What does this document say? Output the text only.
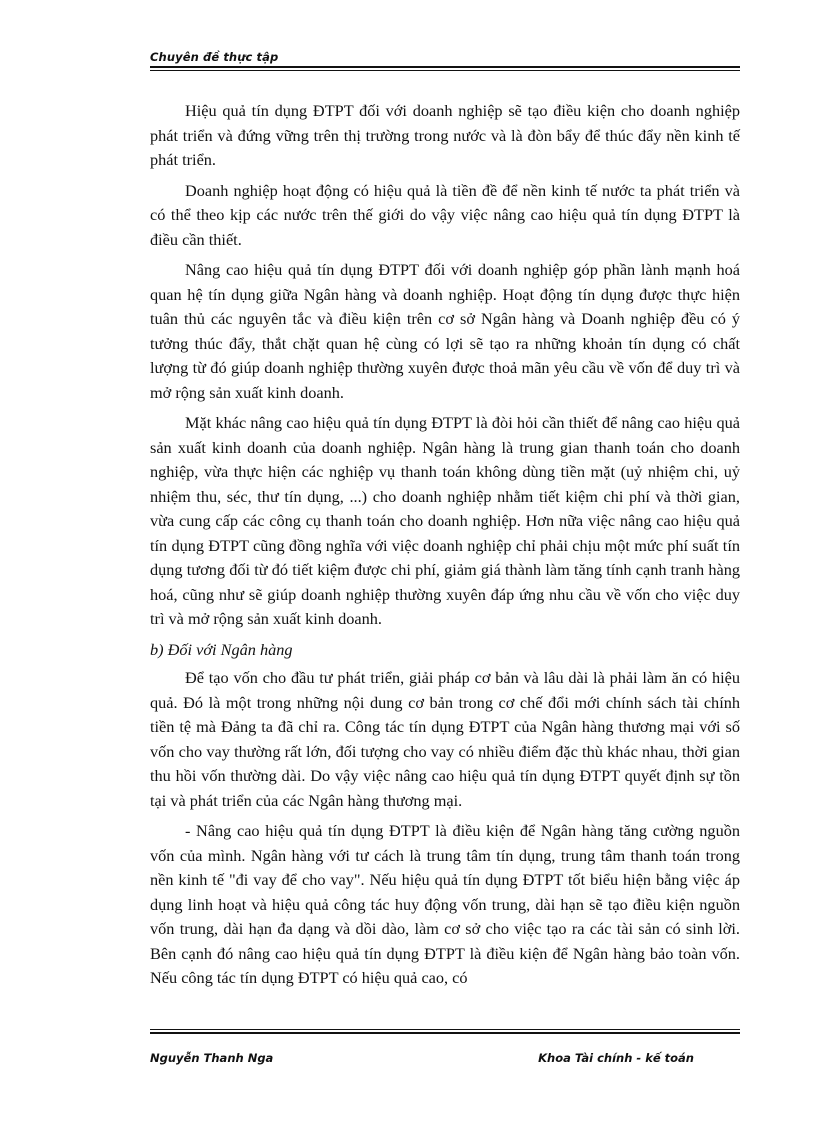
Chuyên đề thực tập

Hiệu quả tín dụng ĐTPT đối với doanh nghiệp sẽ tạo điều kiện cho doanh nghiệp phát triển và đứng vững trên thị trường trong nước và là đòn bẩy để thúc đẩy nền kinh tế phát triển.

Doanh nghiệp hoạt động có hiệu quả là tiền đề để nền kinh tế nước ta phát triển và có thể theo kịp các nước trên thế giới do vậy việc nâng cao hiệu quả tín dụng ĐTPT là điều cần thiết.

Nâng cao hiệu quả tín dụng ĐTPT đối với doanh nghiệp góp phần lành mạnh hoá quan hệ tín dụng giữa Ngân hàng và doanh nghiệp. Hoạt động tín dụng được thực hiện tuân thủ các nguyên tắc và điều kiện trên cơ sở Ngân hàng và Doanh nghiệp đều có ý tưởng thúc đẩy, thắt chặt quan hệ cùng có lợi sẽ tạo ra những khoản tín dụng có chất lượng từ đó giúp doanh nghiệp thường xuyên được thoả mãn yêu cầu về vốn để duy trì và mở rộng sản xuất kinh doanh.

Mặt khác nâng cao hiệu quả tín dụng ĐTPT là đòi hỏi cần thiết để nâng cao hiệu quả sản xuất kinh doanh của doanh nghiệp. Ngân hàng là trung gian thanh toán cho doanh nghiệp, vừa thực hiện các nghiệp vụ thanh toán không dùng tiền mặt (uỷ nhiệm chi, uỷ nhiệm thu, séc, thư tín dụng, ...) cho doanh nghiệp nhằm tiết kiệm chi phí và thời gian, vừa cung cấp các công cụ thanh toán cho doanh nghiệp. Hơn nữa việc nâng cao hiệu quả tín dụng ĐTPT cũng đồng nghĩa với việc doanh nghiệp chỉ phải chịu một mức phí suất tín dụng tương đối từ đó tiết kiệm được chi phí, giảm giá thành làm tăng tính cạnh tranh hàng hoá, cũng như sẽ giúp doanh nghiệp thường xuyên đáp ứng nhu cầu về vốn cho việc duy trì và mở rộng sản xuất kinh doanh.

b) Đối với Ngân hàng

Để tạo vốn cho đầu tư phát triển, giải pháp cơ bản và lâu dài là phải làm ăn có hiệu quả. Đó là một trong những nội dung cơ bản trong cơ chế đổi mới chính sách tài chính tiền tệ mà Đảng ta đã chỉ ra. Công tác tín dụng ĐTPT của Ngân hàng thương mại với số vốn cho vay thường rất lớn, đối tượng cho vay có nhiều điểm đặc thù khác nhau, thời gian thu hồi vốn thường dài. Do vậy việc nâng cao hiệu quả tín dụng ĐTPT quyết định sự tồn tại và phát triển của các Ngân hàng thương mại.

- Nâng cao hiệu quả tín dụng ĐTPT là điều kiện để Ngân hàng tăng cường nguồn vốn của mình. Ngân hàng với tư cách là trung tâm tín dụng, trung tâm thanh toán trong nền kinh tế "đi vay để cho vay". Nếu hiệu quả tín dụng ĐTPT tốt biểu hiện bằng việc áp dụng linh hoạt và hiệu quả công tác huy động vốn trung, dài hạn sẽ tạo điều kiện nguồn vốn trung, dài hạn đa dạng và dồi dào, làm cơ sở cho việc tạo ra các tài sản có sinh lời. Bên cạnh đó nâng cao hiệu quả tín dụng ĐTPT là điều kiện để Ngân hàng bảo toàn vốn. Nếu công tác tín dụng ĐTPT có hiệu quả cao, có

Nguyễn Thanh Nga	Khoa Tài chính - kế toán
